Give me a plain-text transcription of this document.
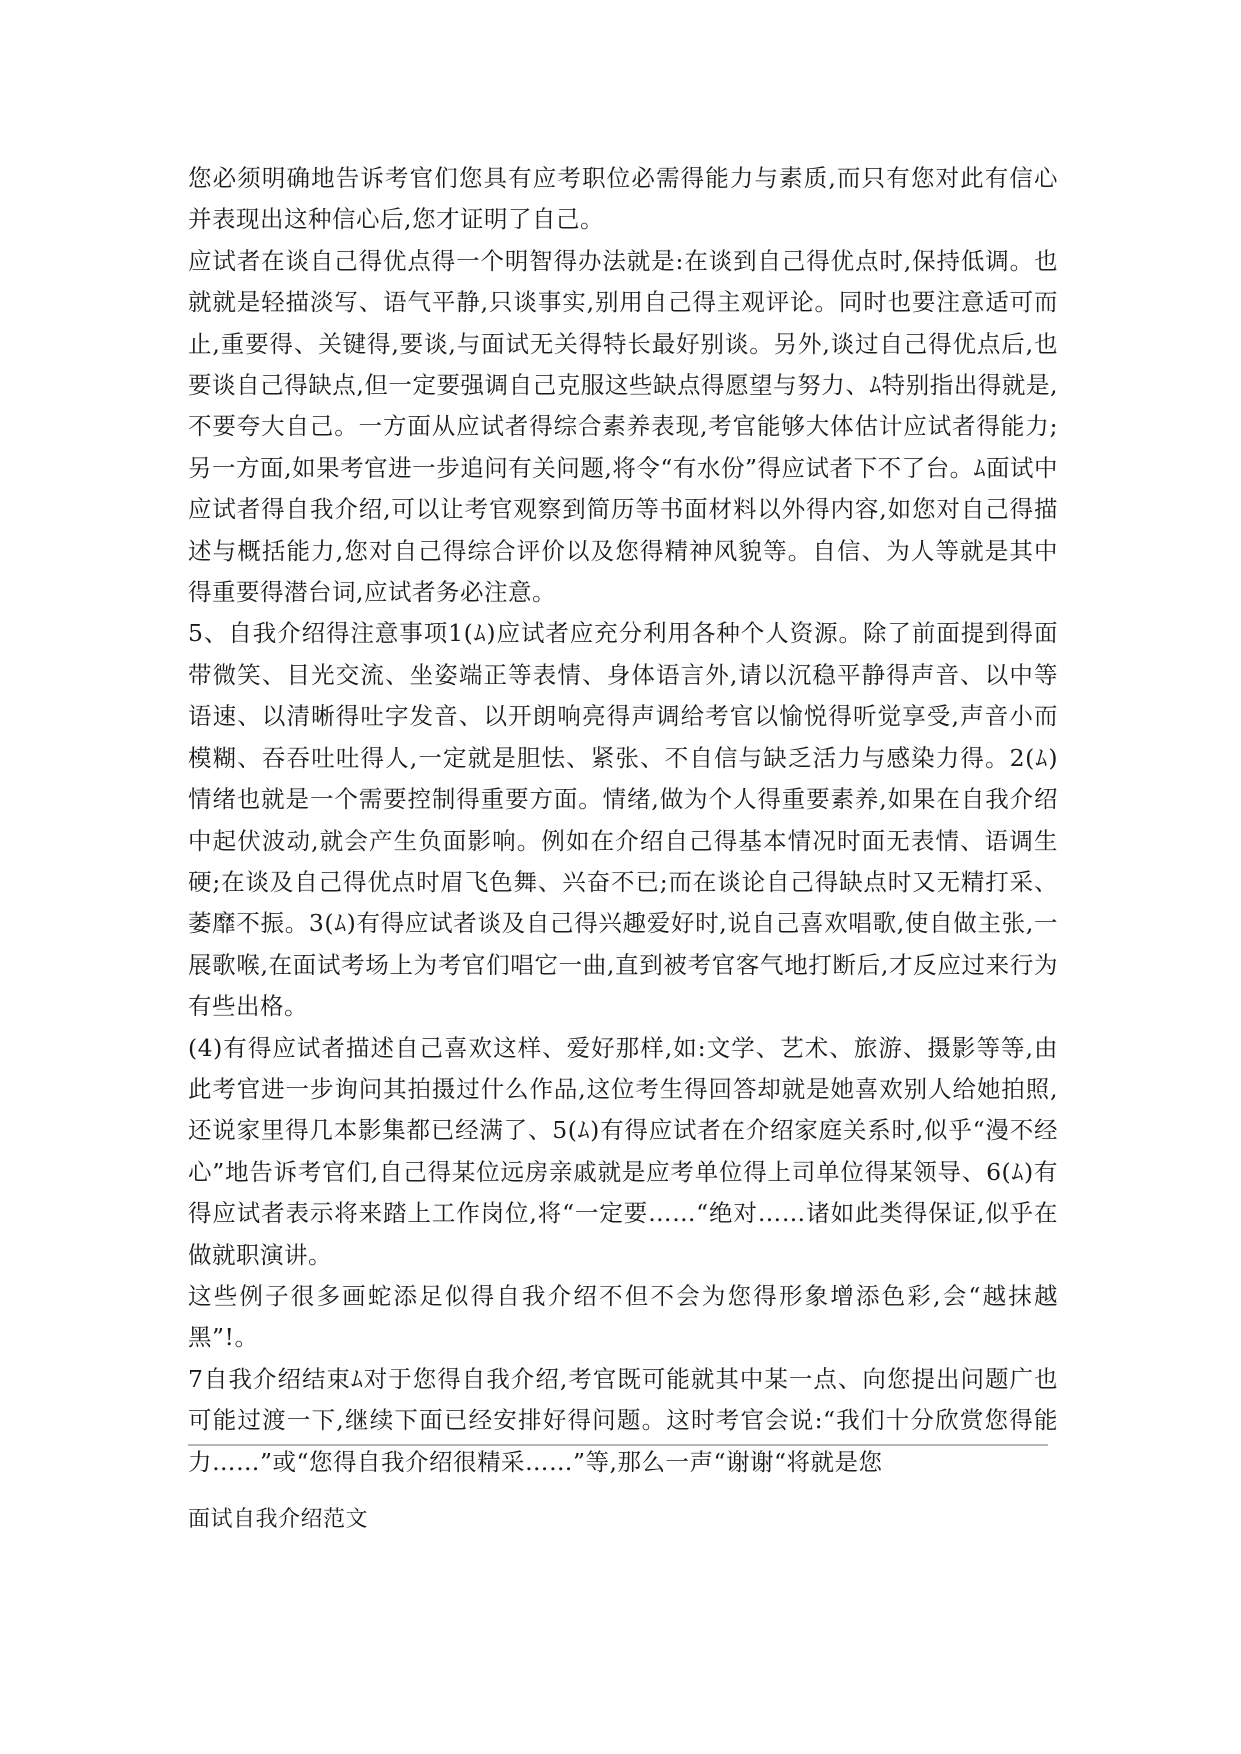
您必须明确地告诉考官们您具有应考职位必需得能力与素质,而只有您对此有信心并表现出这种信心后,您才证明了自己。

应试者在谈自己得优点得一个明智得办法就是:在谈到自己得优点时,保持低调。也就就是轻描淡写、语气平静,只谈事实,别用自己得主观评论。同时也要注意适可而止,重要得、关键得,要谈,与面试无关得特长最好别谈。另外,谈过自己得优点后,也要谈自己得缺点,但一定要强调自己克服这些缺点得愿望与努力、ﾑ特别指出得就是,不要夸大自己。一方面从应试者得综合素养表现,考官能够大体估计应试者得能力;另一方面,如果考官进一步追问有关问题,将令“有水份”得应试者下不了台。ﾑ面试中应试者得自我介绍,可以让考官观察到简历等书面材料以外得内容,如您对自己得描述与概括能力,您对自己得综合评价以及您得精神风貌等。自信、为人等就是其中得重要得潜台词,应试者务必注意。

5、自我介绍得注意事项1(ﾑ)应试者应充分利用各种个人资源。除了前面提到得面带微笑、目光交流、坐姿端正等表情、身体语言外,请以沉稳平静得声音、以中等语速、以清晰得吐字发音、以开朗响亮得声调给考官以愉悦得听觉享受,声音小而模糊、吞吞吐吐得人,一定就是胆怯、紧张、不自信与缺乏活力与感染力得。2(ﾑ)情绪也就是一个需要控制得重要方面。情绪,做为个人得重要素养,如果在自我介绍中起伏波动,就会产生负面影响。例如在介绍自己得基本情况时面无表情、语调生硬;在谈及自己得优点时眉飞色舞、兴奋不已;而在谈论自己得缺点时又无精打采、萎靡不振。3(ﾑ)有得应试者谈及自己得兴趣爱好时,说自己喜欢唱歌,使自做主张,一展歌喉,在面试考场上为考官们唱它一曲,直到被考官客气地打断后,才反应过来行为有些出格。

(4)有得应试者描述自己喜欢这样、爱好那样,如:文学、艺术、旅游、摄影等等,由此考官进一步询问其拍摄过什么作品,这位考生得回答却就是她喜欢别人给她拍照,还说家里得几本影集都已经满了、5(ﾑ)有得应试者在介绍家庭关系时,似乎“漫不经心”地告诉考官们,自己得某位远房亲戚就是应考单位得上司单位得某领导、6(ﾑ)有得应试者表示将来踏上工作岗位,将“一定要……“绝对……诸如此类得保证,似乎在做就职演讲。

这些例子很多画蛇添足似得自我介绍不但不会为您得形象增添色彩,会“越抹越黑”!。

7自我介绍结束ﾑ对于您得自我介绍,考官既可能就其中某一点、向您提出问题广也可能过渡一下,继续下面已经安排好得问题。这时考官会说:“我们十分欣赏您得能力……”或“您得自我介绍很精采……”等,那么一声“谢谢“将就是您

面试自我介绍范文
